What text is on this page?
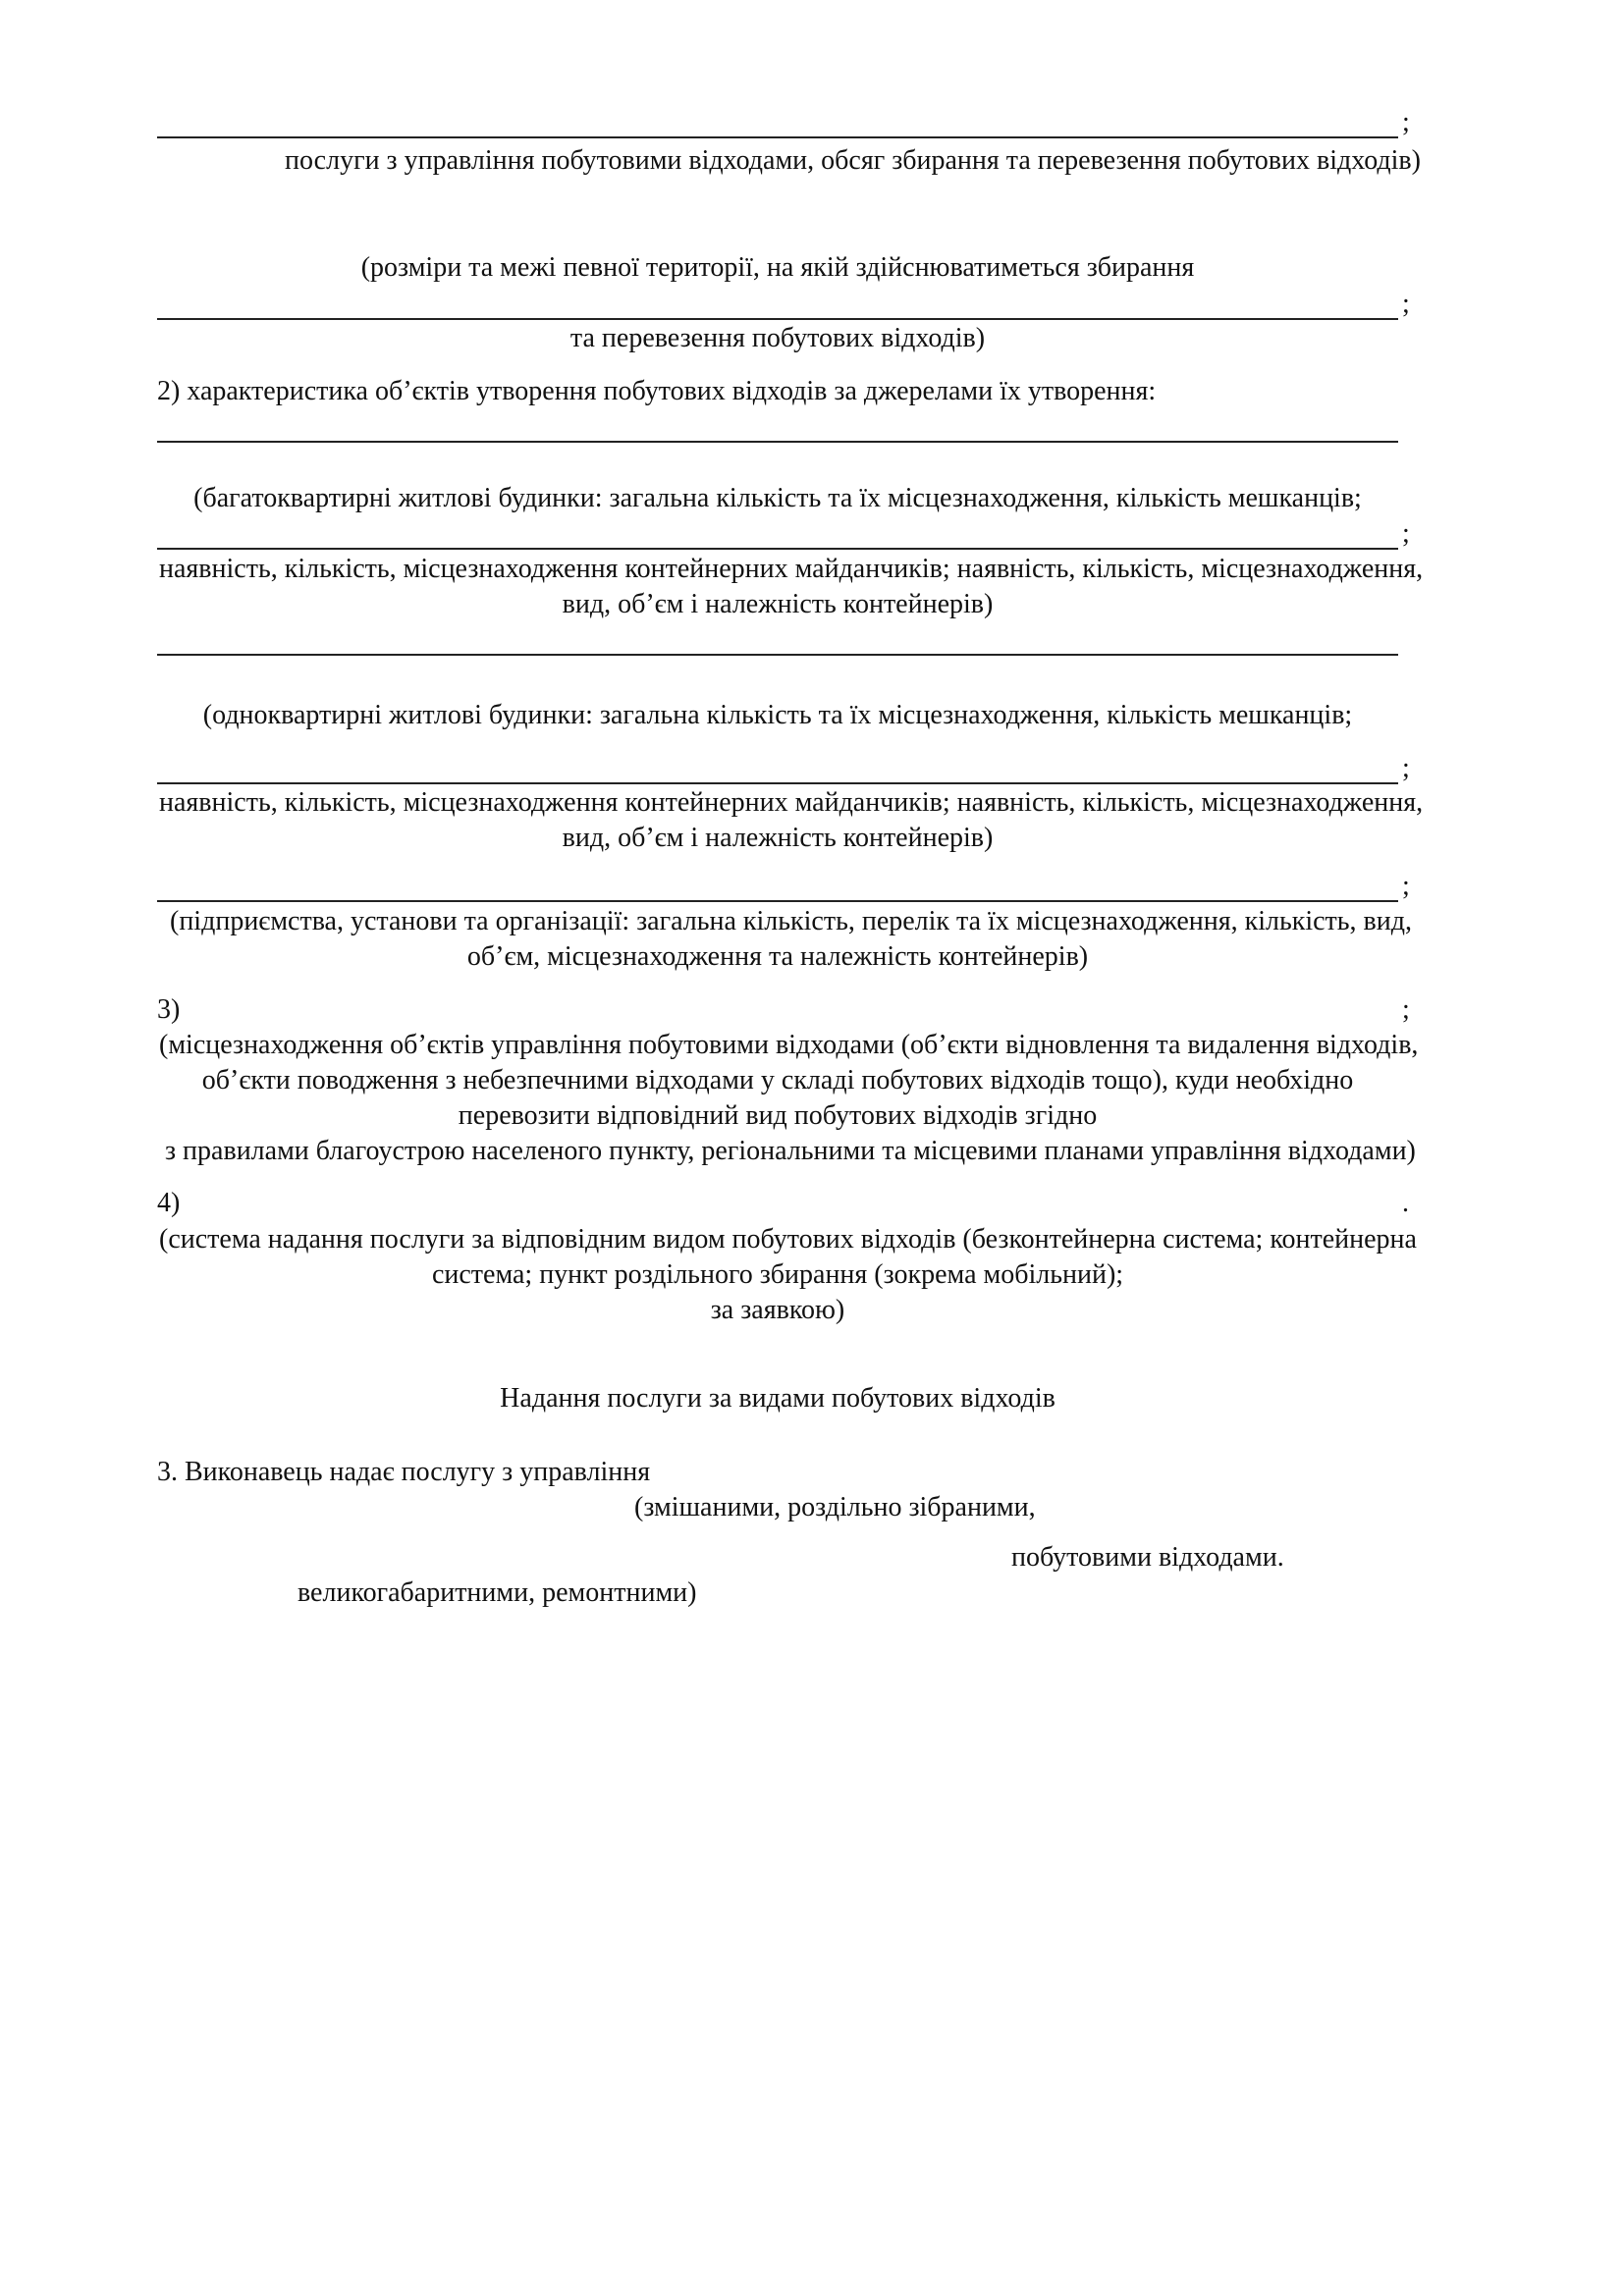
;
послуги з управління побутовими відходами, обсяг збирання та перевезення побутових відходів)
(розміри та межі певної території, на якій здійснюватиметься збирання
;
та перевезення побутових відходів)
2) характеристика об’єктів утворення побутових відходів за джерелами їх утворення:
(багатоквартирні житлові будинки: загальна кількість та їх місцезнаходження, кількість мешканців;
;
наявність, кількість, місцезнаходження контейнерних майданчиків; наявність, кількість, місцезнаходження,
вид, об’єм і належність контейнерів)
(одноквартирні житлові будинки: загальна кількість та їх місцезнаходження, кількість мешканців;
;
наявність, кількість, місцезнаходження контейнерних майданчиків; наявність, кількість, місцезнаходження,
вид, об’єм і належність контейнерів)
;
(підприємства, установи та організації: загальна кількість, перелік та їх місцезнаходження, кількість, вид,
об’єм, місцезнаходження та належність контейнерів)
3)	;
(місцезнаходження об’єктів управління побутовими відходами (об’єкти відновлення та видалення відходів,
об’єкти поводження з небезпечними відходами у складі побутових відходів тощо), куди необхідно
перевозити відповідний вид побутових відходів згідно
з правилами благоустрою населеного пункту, регіональними та місцевими планами управління відходами)
4)	.
(система надання послуги за відповідним видом побутових відходів (безконтейнерна система; контейнерна
система; пункт роздільного збирання (зокрема мобільний);
за заявкою)
Надання послуги за видами побутових відходів
3. Виконавець надає послугу з управління
(змішаними, роздільно зібраними,
побутовими відходами.
великогабаритними, ремонтними)
